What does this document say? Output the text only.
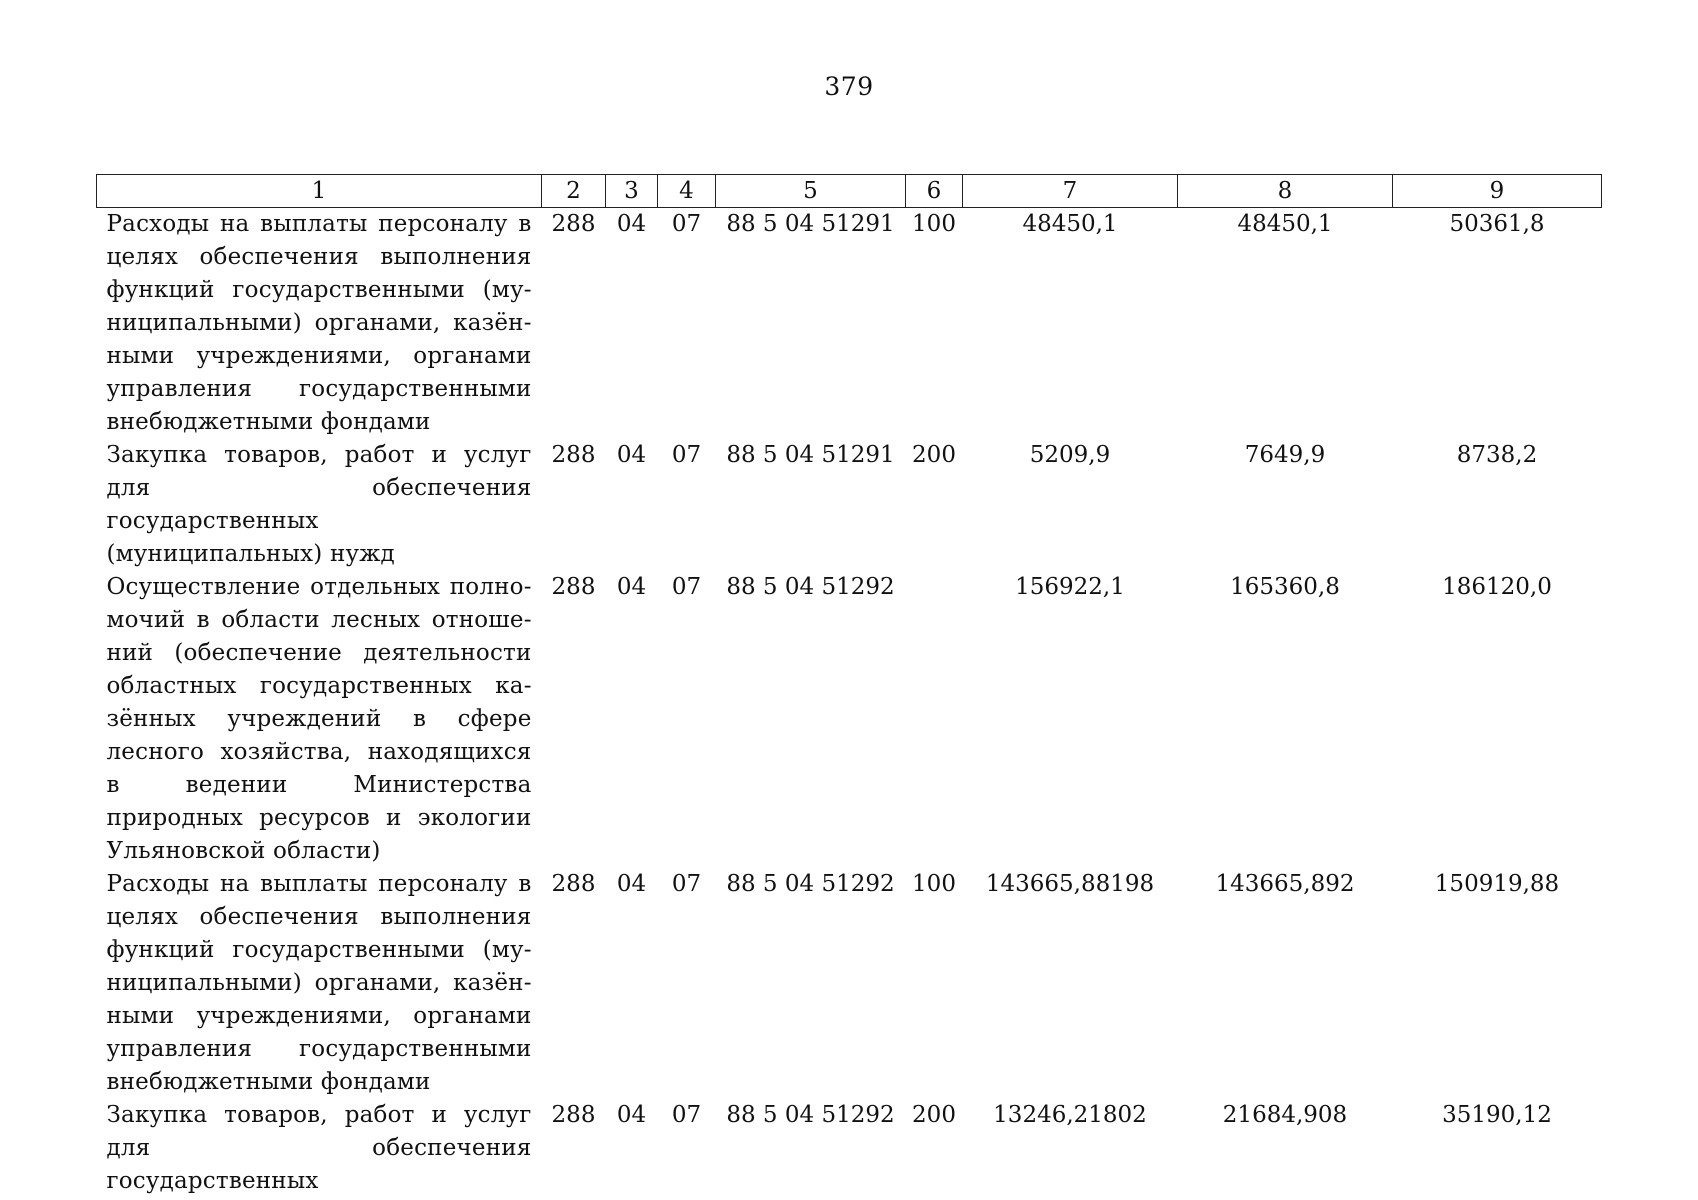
379
1	2	3	4	5	6	7	8	9
Расходы на выплаты персоналу в целях обеспечения выполнения функций государственными (муниципальными) органами, казёнными учреждениями, органами управления государственными внебюджетными фондами	288	04	07	88 5 04 51291	100	48450,1	48450,1	50361,8
Закупка товаров, работ и услуг для обеспечения государственных (муниципальных) нужд	288	04	07	88 5 04 51291	200	5209,9	7649,9	8738,2
Осуществление отдельных полномочий в области лесных отношений (обеспечение деятельности областных государственных казённых учреждений в сфере лесного хозяйства, находящихся в ведении Министерства природных ресурсов и экологии Ульяновской области)	288	04	07	88 5 04 51292		156922,1	165360,8	186120,0
Расходы на выплаты персоналу в целях обеспечения выполнения функций государственными (муниципальными) органами, казёнными учреждениями, органами управления государственными внебюджетными фондами	288	04	07	88 5 04 51292	100	143665,88198	143665,892	150919,88
Закупка товаров, работ и услуг для обеспечения государственных	288	04	07	88 5 04 51292	200	13246,21802	21684,908	35190,12
